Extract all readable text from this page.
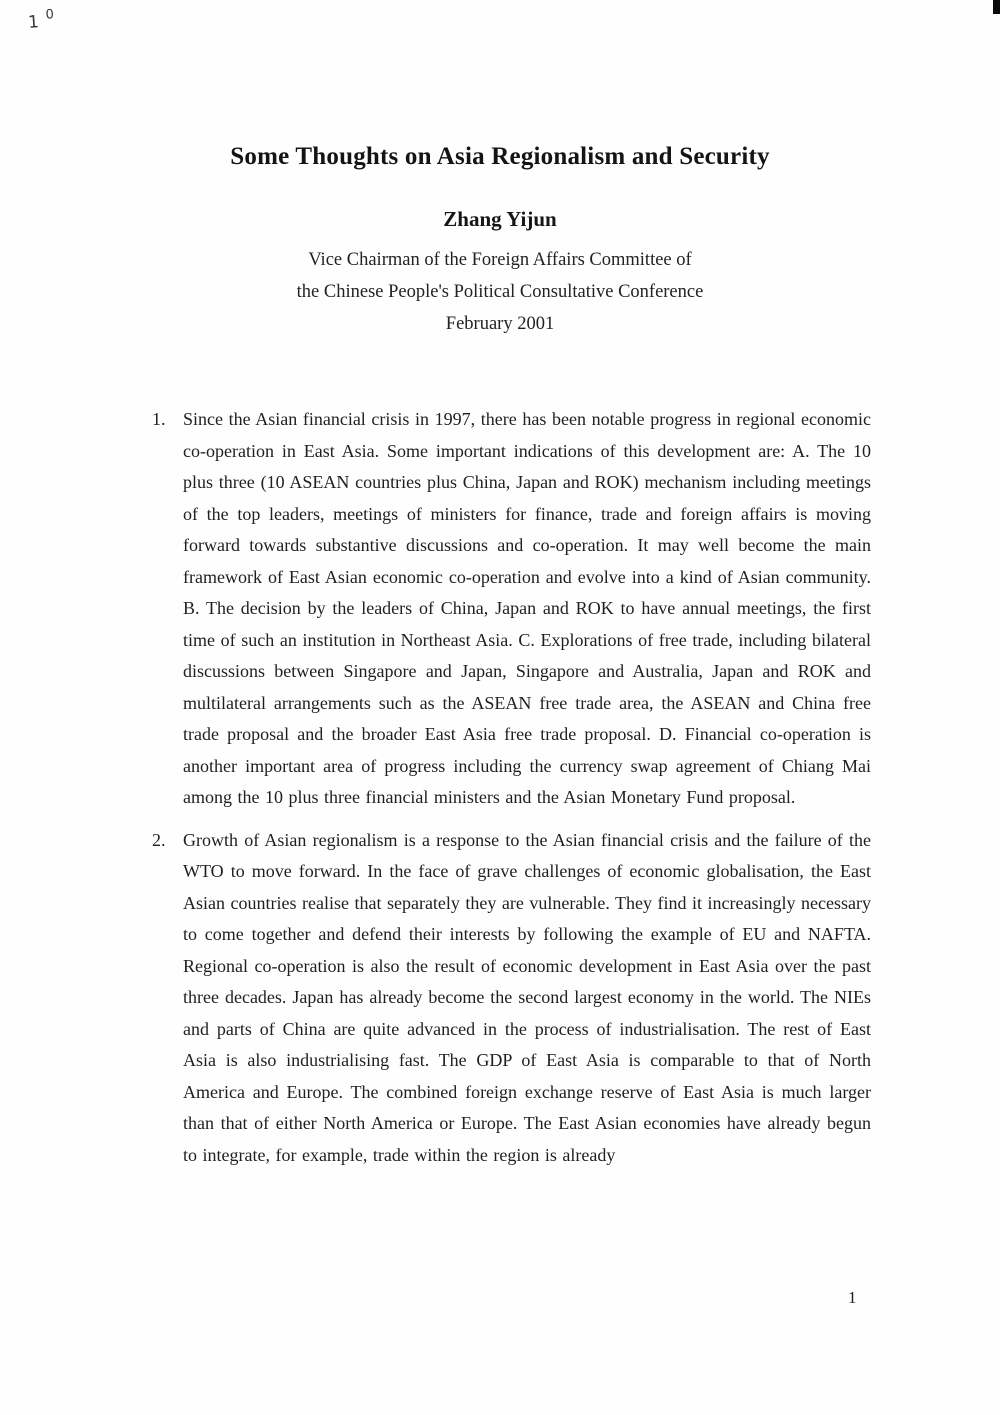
1 0
Some Thoughts on Asia Regionalism and Security
Zhang Yijun
Vice Chairman of the Foreign Affairs Committee of
the Chinese People's Political Consultative Conference
February 2001
1. Since the Asian financial crisis in 1997, there has been notable progress in regional economic co-operation in East Asia. Some important indications of this development are: A. The 10 plus three (10 ASEAN countries plus China, Japan and ROK) mechanism including meetings of the top leaders, meetings of ministers for finance, trade and foreign affairs is moving forward towards substantive discussions and co-operation. It may well become the main framework of East Asian economic co-operation and evolve into a kind of Asian community. B. The decision by the leaders of China, Japan and ROK to have annual meetings, the first time of such an institution in Northeast Asia. C. Explorations of free trade, including bilateral discussions between Singapore and Japan, Singapore and Australia, Japan and ROK and multilateral arrangements such as the ASEAN free trade area, the ASEAN and China free trade proposal and the broader East Asia free trade proposal. D. Financial co-operation is another important area of progress including the currency swap agreement of Chiang Mai among the 10 plus three financial ministers and the Asian Monetary Fund proposal.

2. Growth of Asian regionalism is a response to the Asian financial crisis and the failure of the WTO to move forward. In the face of grave challenges of economic globalisation, the East Asian countries realise that separately they are vulnerable. They find it increasingly necessary to come together and defend their interests by following the example of EU and NAFTA. Regional co-operation is also the result of economic development in East Asia over the past three decades. Japan has already become the second largest economy in the world. The NIEs and parts of China are quite advanced in the process of industrialisation. The rest of East Asia is also industrialising fast. The GDP of East Asia is comparable to that of North America and Europe. The combined foreign exchange reserve of East Asia is much larger than that of either North America or Europe. The East Asian economies have already begun to integrate, for example, trade within the region is already

1
